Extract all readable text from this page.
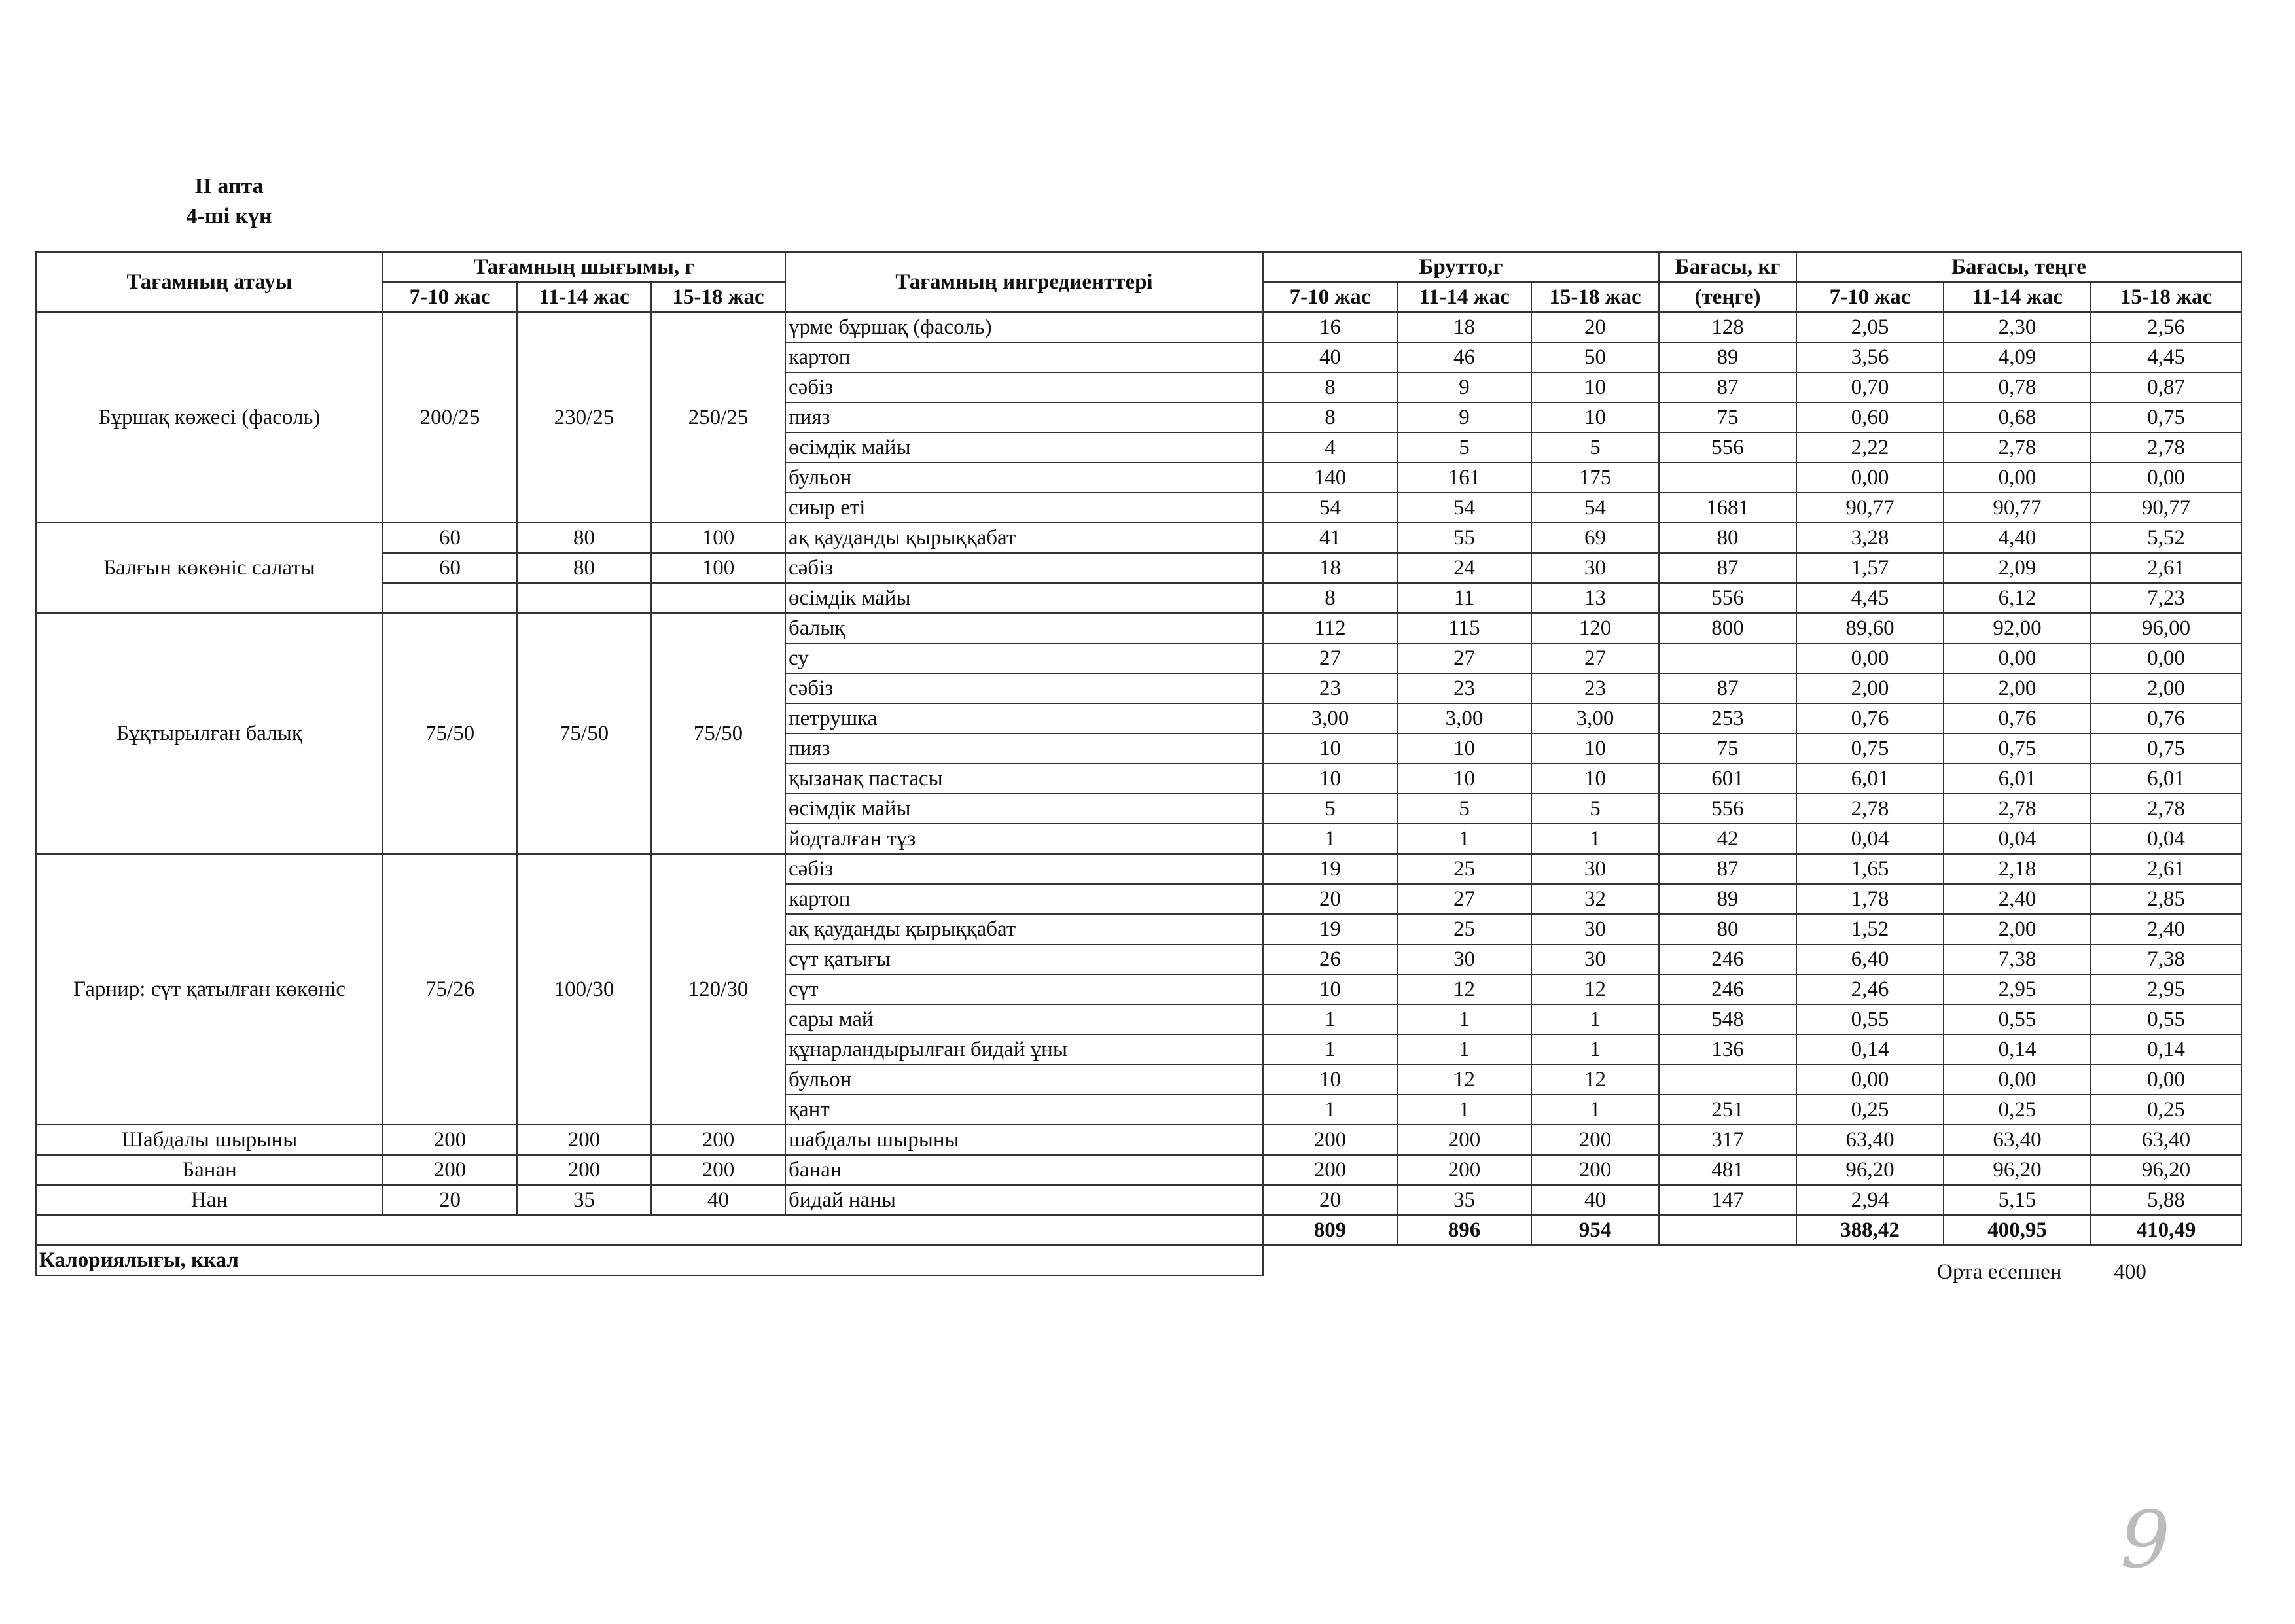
II апта
4-ші күн
Тағамның атауы	Тағамның шығымы, г			Тағамның ингредиенттері	Брутто,г			Бағасы, кг	Бағасы, теңге		
	7-10 жас	11-14 жас	15-18 жас		7-10 жас	11-14 жас	15-18 жас	(теңге)	7-10 жас	11-14 жас	15-18 жас
Бұршақ көжесі (фасоль)	200/25	230/25	250/25	үрме бұршақ (фасоль)	16	18	20	128	2,05	2,30	2,56
				картоп	40	46	50	89	3,56	4,09	4,45
				сәбіз	8	9	10	87	0,70	0,78	0,87
				пияз	8	9	10	75	0,60	0,68	0,75
				өсімдік майы	4	5	5	556	2,22	2,78	2,78
				бульон	140	161	175		0,00	0,00	0,00
				сиыр еті	54	54	54	1681	90,77	90,77	90,77
Балғын көкөніс салаты	60	80	100	ақ қауданды қырыққабат	41	55	69	80	3,28	4,40	5,52
	60	80	100	сәбіз	18	24	30	87	1,57	2,09	2,61
				өсімдік майы	8	11	13	556	4,45	6,12	7,23
Бұқтырылған балық	75/50	75/50	75/50	балық	112	115	120	800	89,60	92,00	96,00
				су	27	27	27		0,00	0,00	0,00
				сәбіз	23	23	23	87	2,00	2,00	2,00
				петрушка	3,00	3,00	3,00	253	0,76	0,76	0,76
				пияз	10	10	10	75	0,75	0,75	0,75
				қызанақ пастасы	10	10	10	601	6,01	6,01	6,01
				өсімдік майы	5	5	5	556	2,78	2,78	2,78
				йодталған тұз	1	1	1	42	0,04	0,04	0,04
Гарнир: сүт қатылған көкөніс	75/26	100/30	120/30	сәбіз	19	25	30	87	1,65	2,18	2,61
				картоп	20	27	32	89	1,78	2,40	2,85
				ақ қауданды қырыққабат	19	25	30	80	1,52	2,00	2,40
				сүт қатығы	26	30	30	246	6,40	7,38	7,38
				сүт	10	12	12	246	2,46	2,95	2,95
				сары май	1	1	1	548	0,55	0,55	0,55
				құнарландырылған бидай ұны	1	1	1	136	0,14	0,14	0,14
				бульон	10	12	12		0,00	0,00	0,00
				қант	1	1	1	251	0,25	0,25	0,25
Шабдалы шырыны	200	200	200	шабдалы шырыны	200	200	200	317	63,40	63,40	63,40
Банан	200	200	200	банан	200	200	200	481	96,20	96,20	96,20
Нан	20	35	40	бидай наны	20	35	40	147	2,94	5,15	5,88
					809	896	954		388,42	400,95	410,49
Калориялығы, ккал												Орта есеппен 400
9
